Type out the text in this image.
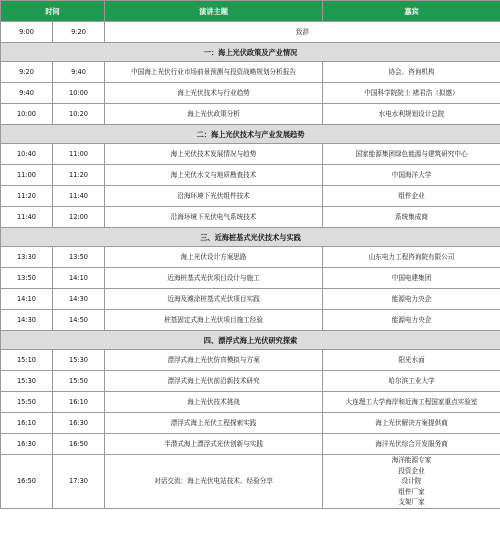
时间		演讲主题	嘉宾
9:00	9:20	致辞	
一：海上光伏政策及产业情况			
9:20	9:40	中国海上光伏行业市场前景预测与投资战略规划分析报告	协会、咨询机构
9:40	10:00	海上光伏技术与行业趋势	中国科学院院士 褚君浩（拟邀）
10:00	10:20	海上光伏政策分析	水电水利规划设计总院
二：海上光伏技术与产业发展趋势			
10:40	11:00	海上光伏技术发展情况与趋势	国家能源集团绿色能源与建筑研究中心
11:00	11:20	海上光伏水文与地质勘查技术	中国海洋大学
11:20	11:40	沿海环境下光伏组件技术	组件企业
11:40	12:00	沿海环境下光伏电气系统技术	系统集成商
三、近海桩基式光伏技术与实践			
13:30	13:50	海上光伏设计方案思路	山东电力工程咨询院有限公司
13:50	14:10	近海桩基式光伏项目设计与施工	中国电建集团
14:10	14:30	近海及滩涂桩基式光伏项目实践	能源电力央企
14:30	14:50	桩基固定式海上光伏项目施工经验	能源电力央企
四、漂浮式海上光伏研究探索			
15:10	15:30	漂浮式海上光伏仿真模拟与方案	阳光水面
15:30	15:50	漂浮式海上光伏前沿新技术研究	哈尔滨工业大学
15:50	16:10	海上光伏技术挑战	大连理工大学海岸和近海工程国家重点实验室
16:10	16:30	漂浮式海上光伏工程探索实践	海上光伏解决方案提供商
16:30	16:50	半潜式海上漂浮式光伏创新与实践	海洋光伏综合开发服务商
16:50	17:30	对话交流：海上光伏电站技术、经验分享	海洋能源专家
投资企业
设计院
组件厂家
支架厂家
